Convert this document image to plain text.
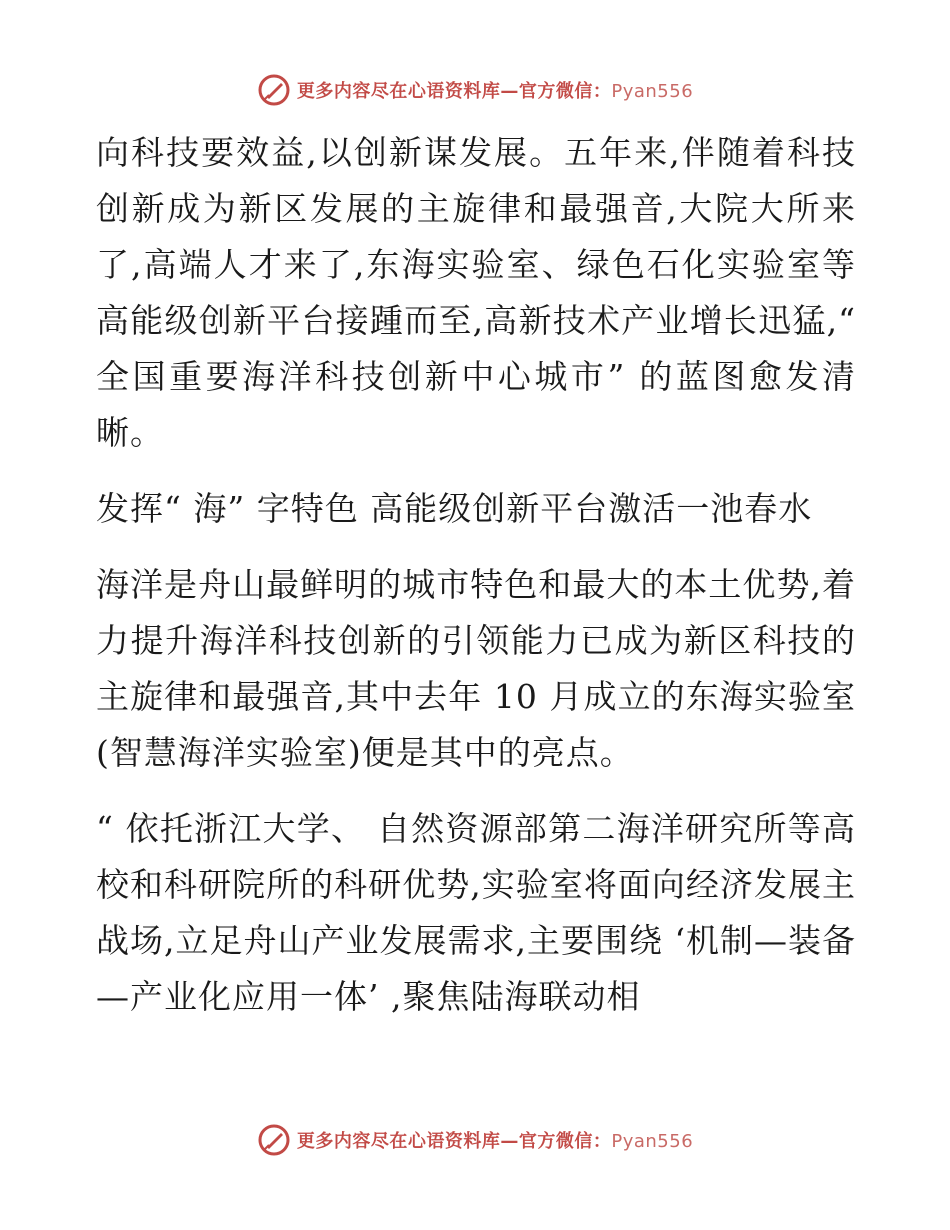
更多内容尽在心语资料库—官方微信：Pyan556

向科技要效益,以创新谋发展。五年来,伴随着科技创新成为新区发展的主旋律和最强音,大院大所来了,高端人才来了,东海实验室、绿色石化实验室等高能级创新平台接踵而至,高新技术产业增长迅猛,“ 全国重要海洋科技创新中心城市” 的蓝图愈发清晰。

发挥“ 海” 字特色 高能级创新平台激活一池春水

海洋是舟山最鲜明的城市特色和最大的本土优势,着力提升海洋科技创新的引领能力已成为新区科技的主旋律和最强音,其中去年 10 月成立的东海实验室(智慧海洋实验室)便是其中的亮点。

“ 依托浙江大学、 自然资源部第二海洋研究所等高校和科研院所的科研优势,实验室将面向经济发展主战场,立足舟山产业发展需求,主要围绕 ‘机制—装备—产业化应用一体’ ,聚焦陆海联动相

更多内容尽在心语资料库—官方微信：Pyan556
